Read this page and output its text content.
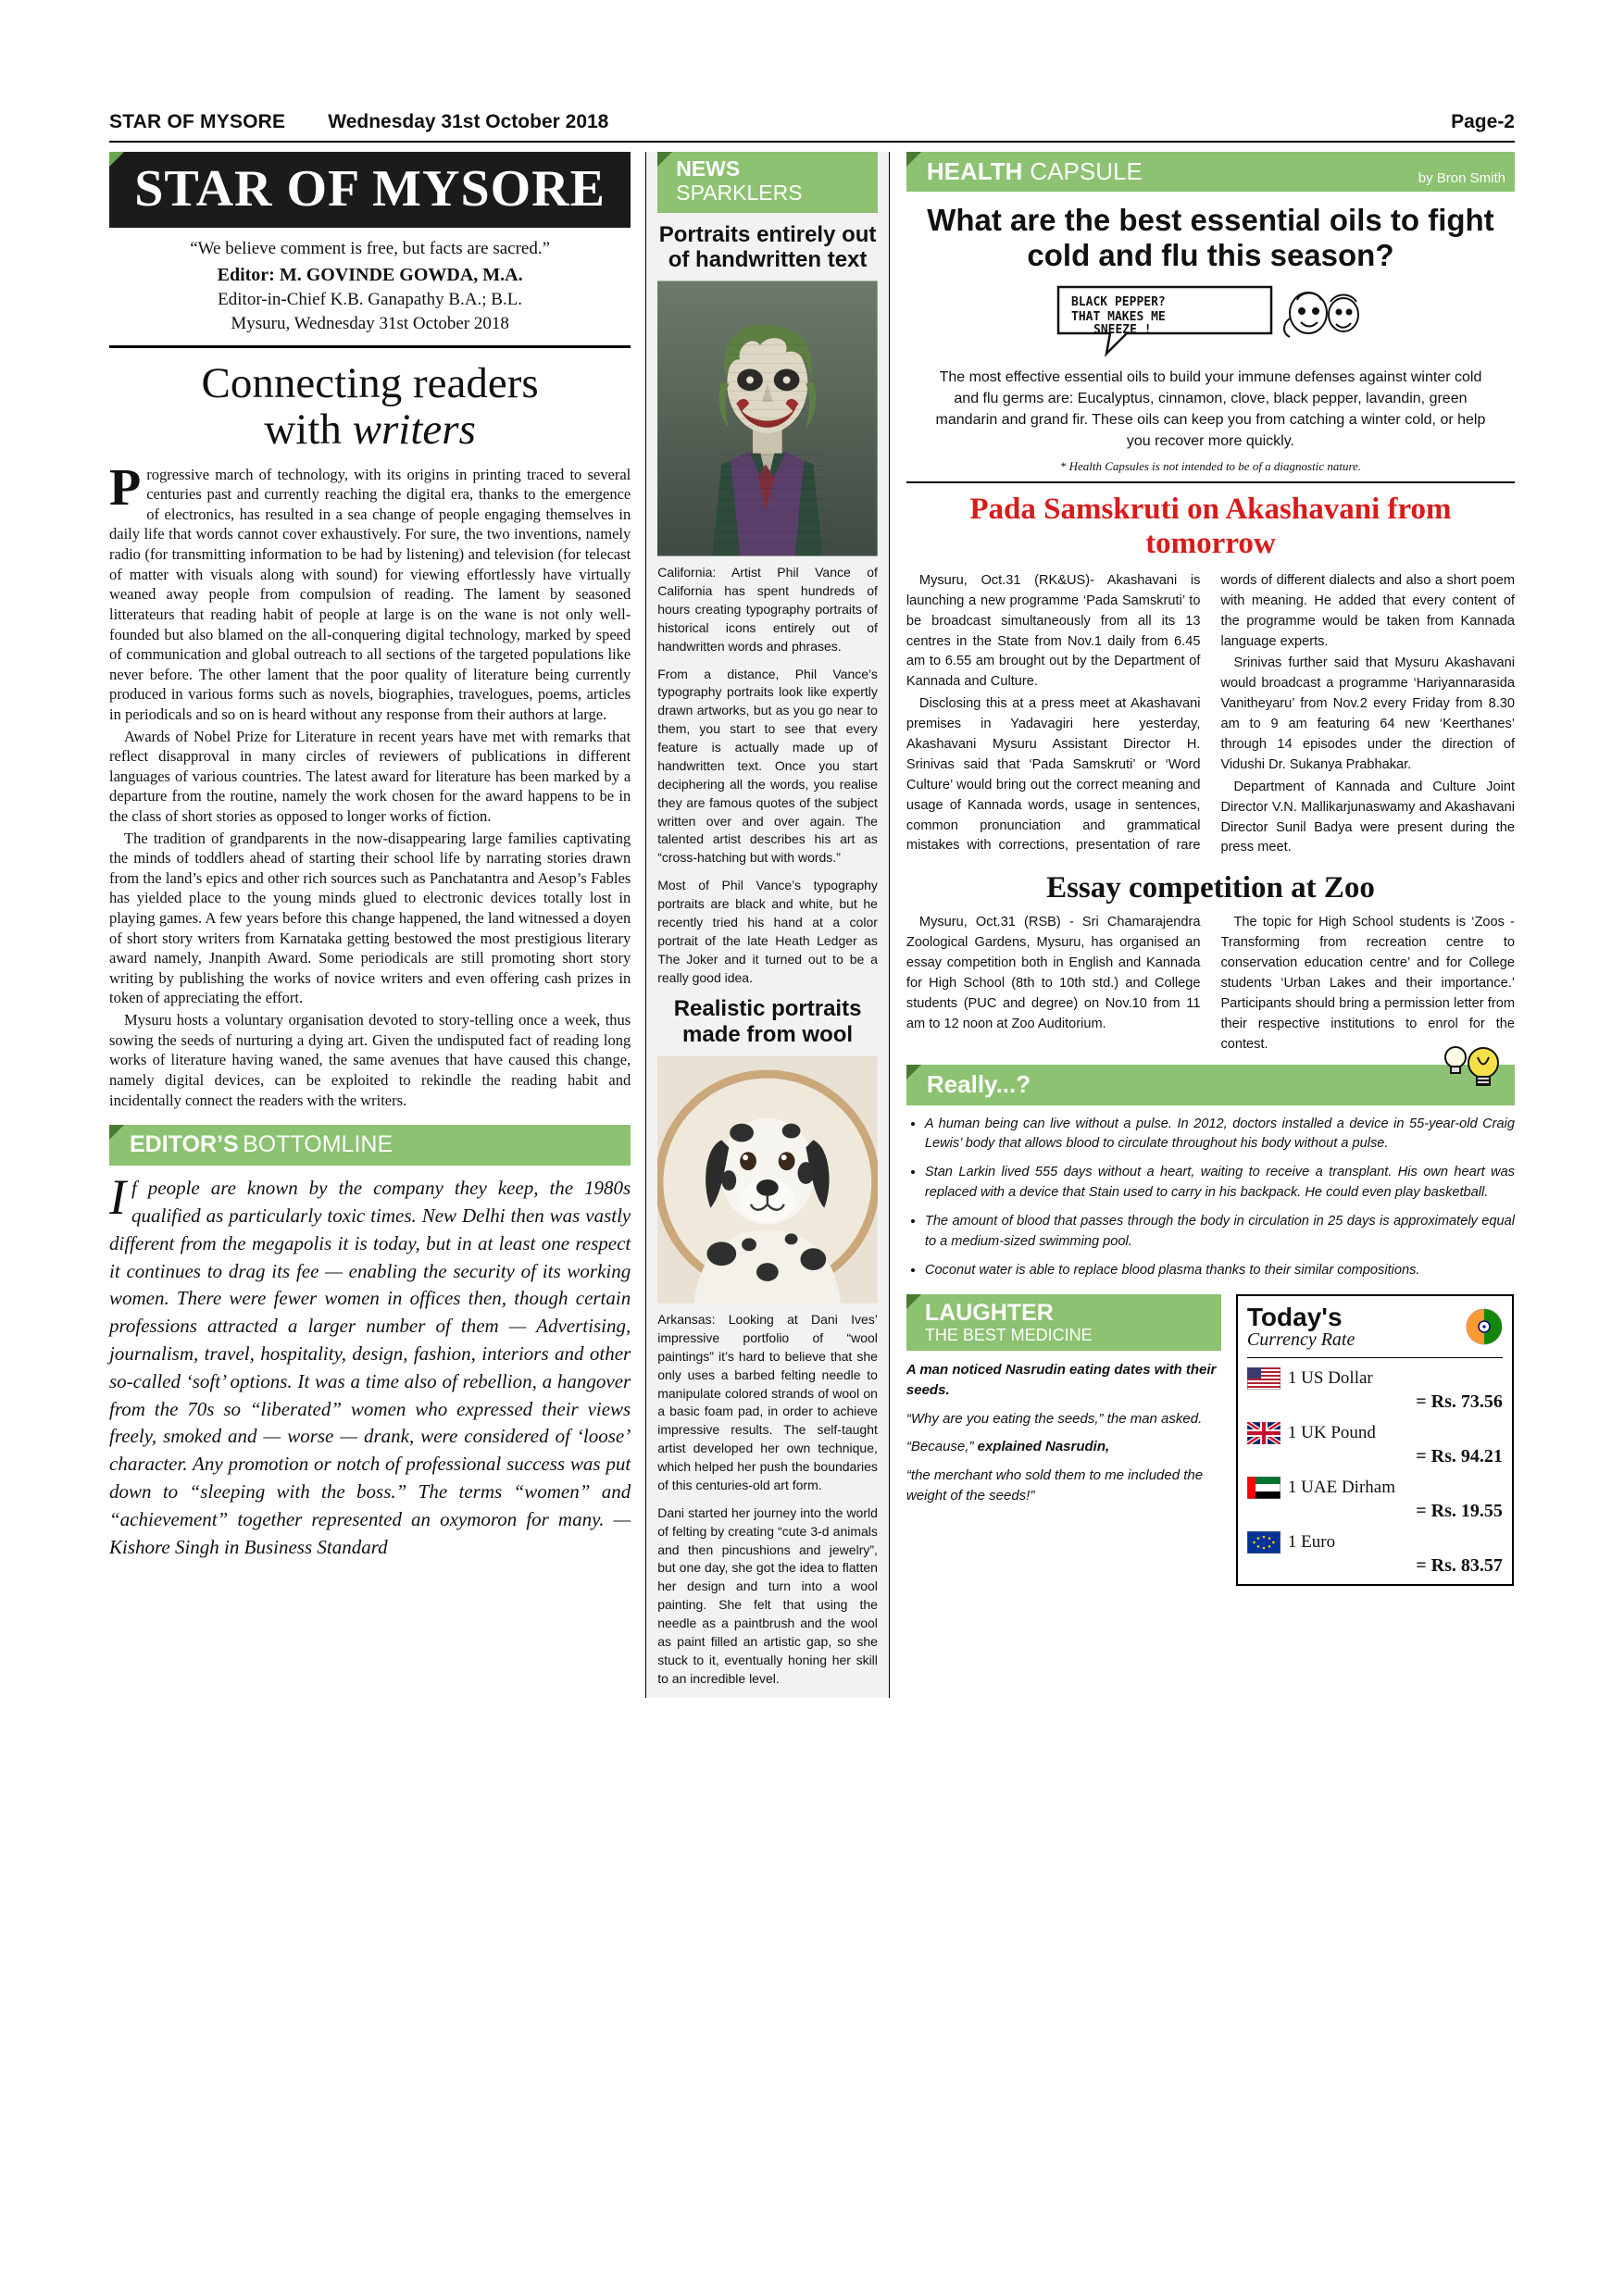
STAR OF MYSORE Wednesday 31st October 2018	Page-2
STAR OF MYSORE
“We believe comment is free, but facts are sacred.”
Editor: M. GOVINDE GOWDA, M.A.
Editor-in-Chief K.B. Ganapathy B.A.; B.L.
Mysuru, Wednesday 31st October 2018
Connecting readers
with writers
P rogressive march of technology, with its origins in printing traced to several centuries past and currently reaching the digital era, thanks to the emergence of electronics, has resulted in a sea change of people engaging themselves in daily life that words cannot cover exhaustively. For sure, the two inventions, namely radio (for transmitting information to be had by listening) and television (for telecast of matter with visuals along with sound) for viewing effortlessly have virtually weaned away people from compulsion of reading. The lament by seasoned litterateurs that reading habit of people at large is on the wane is not only well-founded but also blamed on the all-conquering digital technology, marked by speed of communication and global outreach to all sections of the targeted populations like never before. The other lament that the poor quality of literature being currently produced in various forms such as novels, biographies, travelogues, poems, articles in periodicals and so on is heard without any response from their authors at large.

Awards of Nobel Prize for Literature in recent years have met with remarks that reflect disapproval in many circles of reviewers of publications in different languages of various countries. The latest award for literature has been marked by a departure from the routine, namely the work chosen for the award happens to be in the class of short stories as opposed to longer works of fiction.

The tradition of grandparents in the now-disappearing large families captivating the minds of toddlers ahead of starting their school life by narrating stories drawn from the land’s epics and other rich sources such as Panchatantra and Aesop’s Fables has yielded place to the young minds glued to electronic devices totally lost in playing games. A few years before this change happened, the land witnessed a doyen of short story writers from Karnataka getting bestowed the most prestigious literary award namely, Jnanpith Award. Some periodicals are still promoting short story writing by publishing the works of novice writers and even offering cash prizes in token of appreciating the effort.

Mysuru hosts a voluntary organisation devoted to story-telling once a week, thus sowing the seeds of nurturing a dying art. Given the undisputed fact of reading long works of literature having waned, the same avenues that have caused this change, namely digital devices, can be exploited to rekindle the reading habit and incidentally connect the readers with the writers.

EDITOR’S BOTTOMLINE
I f people are known by the company they keep, the 1980s qualified as particularly toxic times. New Delhi then was vastly different from the megapolis it is today, but in at least one respect it continues to drag its fee — enabling the security of its working women. There were fewer women in offices then, though certain professions attracted a larger number of them — Advertising, journalism, travel, hospitality, design, fashion, interiors and other so-called ‘soft’ options. It was a time also of rebellion, a hangover from the 70s so “liberated” women who expressed their views freely, smoked and — worse — drank, were considered of ‘loose’ character. Any promotion or notch of professional success was put down to “sleeping with the boss.” The terms “women” and “achievement” together represented an oxymoron for many. — Kishore Singh in Business Standard
NEWS
SPARKLERS
Portraits entirely out of handwritten text

California: Artist Phil Vance of California has spent hundreds of hours creating typography portraits of historical icons entirely out of handwritten words and phrases.

From a distance, Phil Vance’s typography portraits look like expertly drawn artworks, but as you go near to them, you start to see that every feature is actually made up of handwritten text. Once you start deciphering all the words, you realise they are famous quotes of the subject written over and over again. The talented artist describes his art as “cross-hatching but with words.”

Most of Phil Vance’s typography portraits are black and white, but he recently tried his hand at a color portrait of the late Heath Ledger as The Joker and it turned out to be a really good idea.

Realistic portraits made from wool

Arkansas: Looking at Dani Ives’ impressive portfolio of “wool paintings” it’s hard to believe that she only uses a barbed felting needle to manipulate colored strands of wool on a basic foam pad, in order to achieve impressive results. The self-taught artist developed her own technique, which helped her push the boundaries of this centuries-old art form.

Dani started her journey into the world of felting by creating “cute 3-d animals and then pincushions and jewelry”, but one day, she got the idea to flatten her design and turn into a wool painting. She felt that using the needle as a paintbrush and the wool as paint filled an artistic gap, so she stuck to it, eventually honing her skill to an incredible level.

HEALTH CAPSULE	by Bron Smith
What are the best essential oils to fight cold and flu this season?
BLACK PEPPER?
THAT MAKES ME
SNEEZE !
The most effective essential oils to build your immune defenses against winter cold and flu germs are: Eucalyptus, cinnamon, clove, black pepper, lavandin, green mandarin and grand fir. These oils can keep you from catching a winter cold, or help you recover more quickly.
* Health Capsules is not intended to be of a diagnostic nature.
Pada Samskruti on Akashavani from tomorrow

Mysuru, Oct.31 (RK&US)- Akashavani is launching a new programme ‘Pada Samskruti’ to be broadcast simultaneously from all its 13 centres in the State from Nov.1 daily from 6.45 am to 6.55 am brought out by the Department of Kannada and Culture.

Disclosing this at a press meet at Akashavani premises in Yadavagiri here yesterday, Akashavani Mysuru Assistant Director H. Srinivas said that ‘Pada Samskruti’ or ‘Word Culture’ would bring out the correct meaning and usage of Kannada words, usage in sentences, common pronunciation and grammatical mistakes with corrections, presentation of rare words of different dialects and also a short poem with meaning. He added that every content of the programme would be taken from Kannada language experts.

Srinivas further said that Mysuru Akashavani would broadcast a programme ‘Hariyannarasida Vanitheyaru’ from Nov.2 every Friday from 8.30 am to 9 am featuring 64 new ‘Keerthanes’ through 14 episodes under the direction of Vidushi Dr. Sukanya Prabhakar.

Department of Kannada and Culture Joint Director V.N. Mallikarjunaswamy and Akashavani Director Sunil Badya were present during the press meet.

Essay competition at Zoo

Mysuru, Oct.31 (RSB) - Sri Chamarajendra Zoological Gardens, Mysuru, has organised an essay competition both in English and Kannada for High School (8th to 10th std.) and College students (PUC and degree) on Nov.10 from 11 am to 12 noon at Zoo Auditorium.

The topic for High School students is ‘Zoos - Transforming from recreation centre to conservation education centre’ and for College students ‘Urban Lakes and their importance.’ Participants should bring a permission letter from their respective institutions to enrol for the contest.

Really...?
• A human being can live without a pulse. In 2012, doctors installed a device in 55-year-old Craig Lewis’ body that allows blood to circulate throughout his body without a pulse.
• Stan Larkin lived 555 days without a heart, waiting to receive a transplant. His own heart was replaced with a device that Stain used to carry in his backpack. He could even play basketball.
• The amount of blood that passes through the body in circulation in 25 days is approximately equal to a medium-sized swimming pool.
• Coconut water is able to replace blood plasma thanks to their similar compositions.
LAUGHTER
THE BEST MEDICINE

A man noticed Nasrudin eating dates with their seeds.

“Why are you eating the seeds,” the man asked.

“Because,” explained Nasrudin,

“the merchant who sold them to me included the weight of the seeds!”

Today's
Currency Rate
1 US Dollar
= Rs. 73.56
1 UK Pound
= Rs. 94.21
1 UAE Dirham
= Rs. 19.55
1 Euro
= Rs. 83.57
